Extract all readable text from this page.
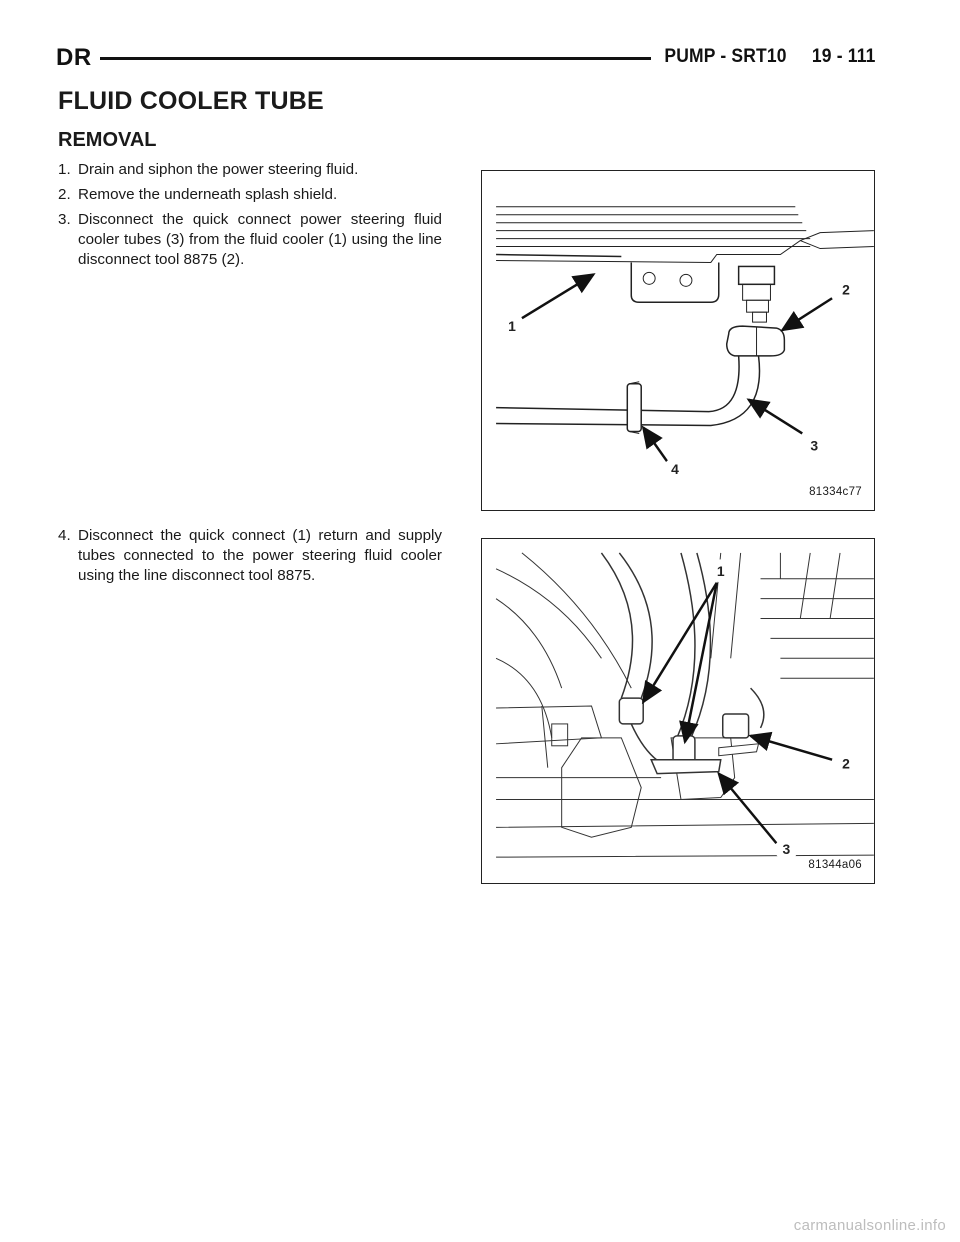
DR	PUMP - SRT10     19 - 111
FLUID COOLER TUBE
REMOVAL
1. Drain and siphon the power steering fluid.
2. Remove the underneath splash shield.
3. Disconnect the quick connect power steering fluid cooler tubes (3) from the fluid cooler (1) using the line disconnect tool 8875 (2).
4. Disconnect the quick connect (1) return and supply tubes connected to the power steering fluid cooler using the line disconnect tool 8875.
1
2
3
4
81334c77
1
2
3
81344a06
carmanualsonline.info
